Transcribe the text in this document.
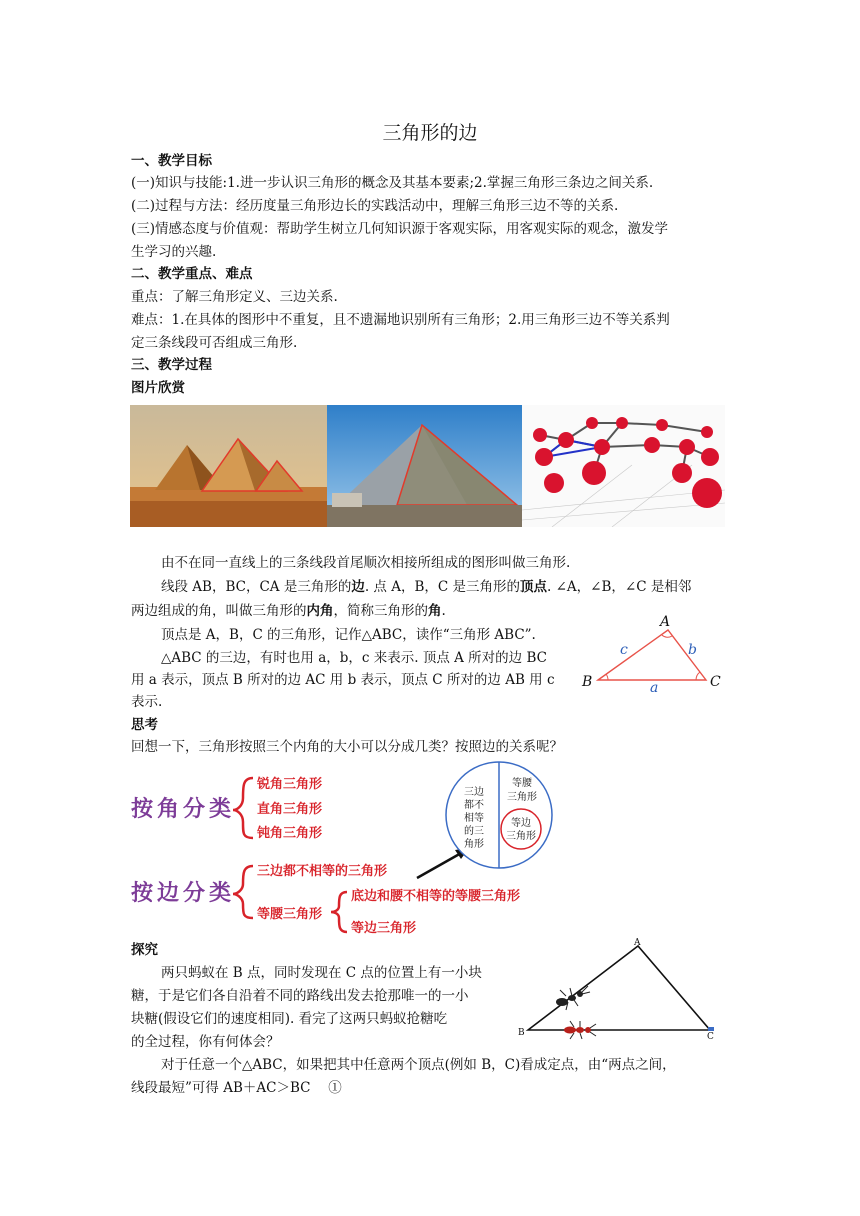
三角形的边
一、教学目标
(一)知识与技能:1.进一步认识三角形的概念及其基本要素;2.掌握三角形三条边之间关系.
(二)过程与方法：经历度量三角形边长的实践活动中，理解三角形三边不等的关系.
(三)情感态度与价值观：帮助学生树立几何知识源于客观实际，用客观实际的观念，激发学
生学习的兴趣.
二、教学重点、难点
重点：了解三角形定义、三边关系.
难点：1.在具体的图形中不重复，且不遗漏地识别所有三角形；2.用三角形三边不等关系判
定三条线段可否组成三角形.
三、教学过程
图片欣赏
由不在同一直线上的三条线段首尾顺次相接所组成的图形叫做三角形.
线段 AB，BC，CA 是三角形的边. 点 A，B，C 是三角形的顶点. ∠A，∠B，∠C 是相邻
两边组成的角，叫做三角形的内角，简称三角形的角.
顶点是 A，B，C 的三角形，记作△ABC，读作“三角形 ABC”.
△ABC 的三边，有时也用 a，b，c 来表示. 顶点 A 所对的边 BC
用 a 表示，顶点 B 所对的边 AC 用 b 表示，顶点 C 所对的边 AB 用 c
表示.
A
B	C
a
b
c
思考
回想一下，三角形按照三个内角的大小可以分成几类？按照边的关系呢？
按角分类
锐角三角形
直角三角形
钝角三角形
按边分类
三边都不相等的三角形
等腰三角形
底边和腰不相等的等腰三角形
等边三角形
三边
都不
相等
的三
角形
等腰
三角形
等边
三角形
探究
两只蚂蚁在 B 点，同时发现在 C 点的位置上有一小块
糖，于是它们各自沿着不同的路线出发去抢那唯一的一小
块糖(假设它们的速度相同). 看完了这两只蚂蚁抢糖吃
的全过程，你有何体会？
对于任意一个△ABC，如果把其中任意两个顶点(例如 B，C)看成定点，由“两点之间，
线段最短”可得 AB＋AC＞BC　 ①
A
B	C
